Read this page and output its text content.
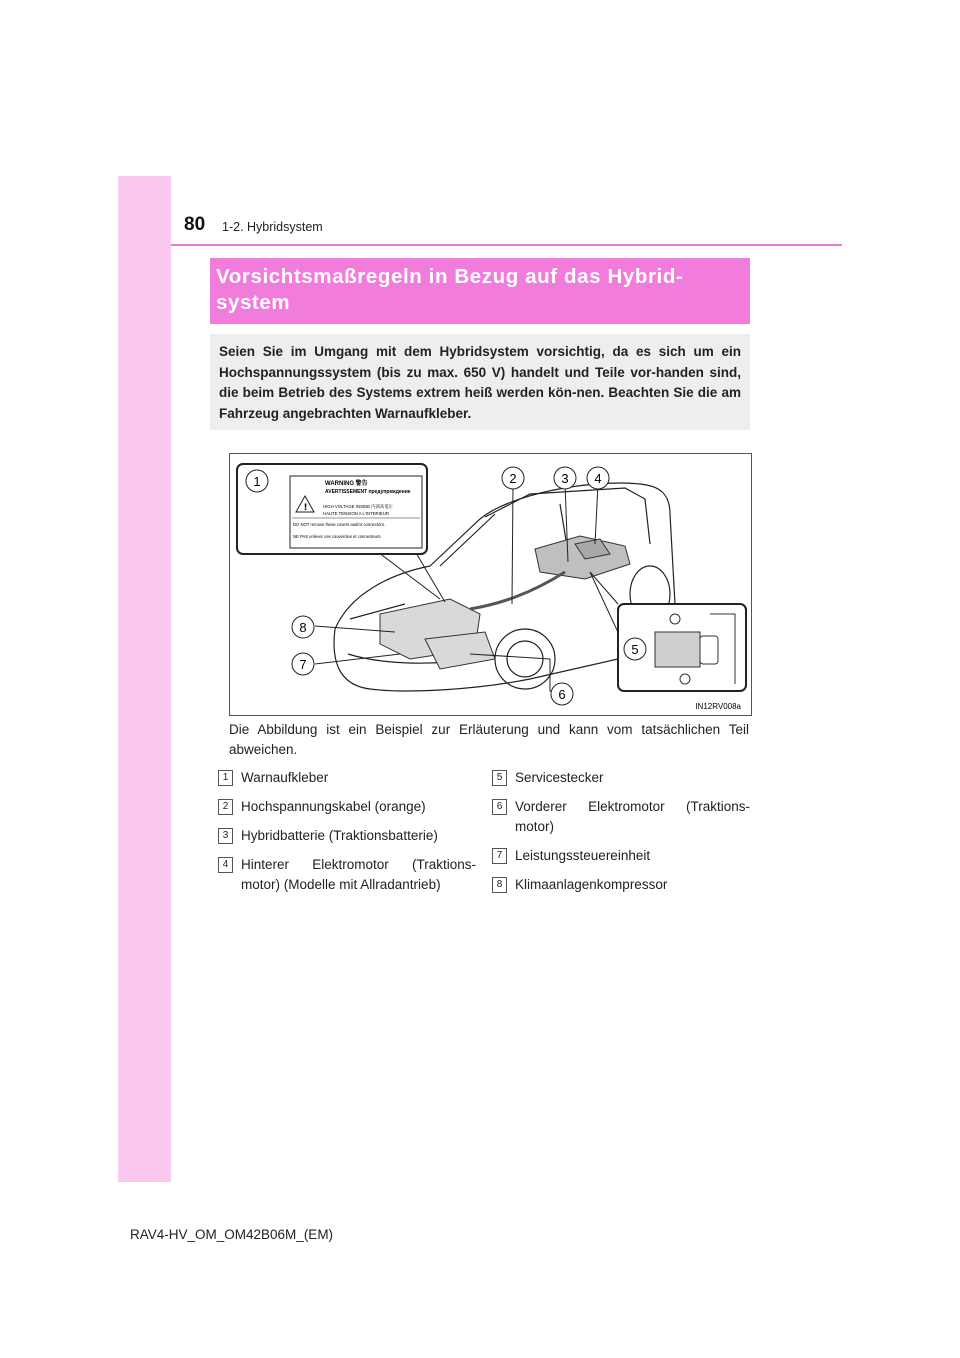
80 1-2. Hybridsystem
Vorsichtsmaßregeln in Bezug auf das Hybrid-system

Seien Sie im Umgang mit dem Hybridsystem vorsichtig, da es sich um ein Hochspannungssystem (bis zu max. 650 V) handelt und Teile vor-handen sind, die beim Betrieb des Systems extrem heiß werden kön-nen. Beachten Sie die am Fahrzeug angebrachten Warnaufkleber.

!
WARNING 警告
AVERTISSEMENT предупреждение
HIGH VOLTAGE INSIDE 内部高電圧
HAUTE TENSION A L'INTERIEUR
DO NOT remove these covers and/or connectors.
NE PAS enlever ces couvercles et connecteurs.
1	2	3 4
5
6
7
8
IN12RV008a

Die Abbildung ist ein Beispiel zur Erläuterung und kann vom tatsächlichen Teil abweichen.

1 Warnaufkleber
2 Hochspannungskabel (orange)
3 Hybridbatterie (Traktionsbatterie)
4 Hinterer Elektromotor (Traktions-motor) (Modelle mit Allradantrieb)
5 Servicestecker
6 Vorderer Elektromotor (Traktions-motor)
7 Leistungssteuereinheit
8 Klimaanlagenkompressor
RAV4-HV_OM_OM42B06M_(EM)
